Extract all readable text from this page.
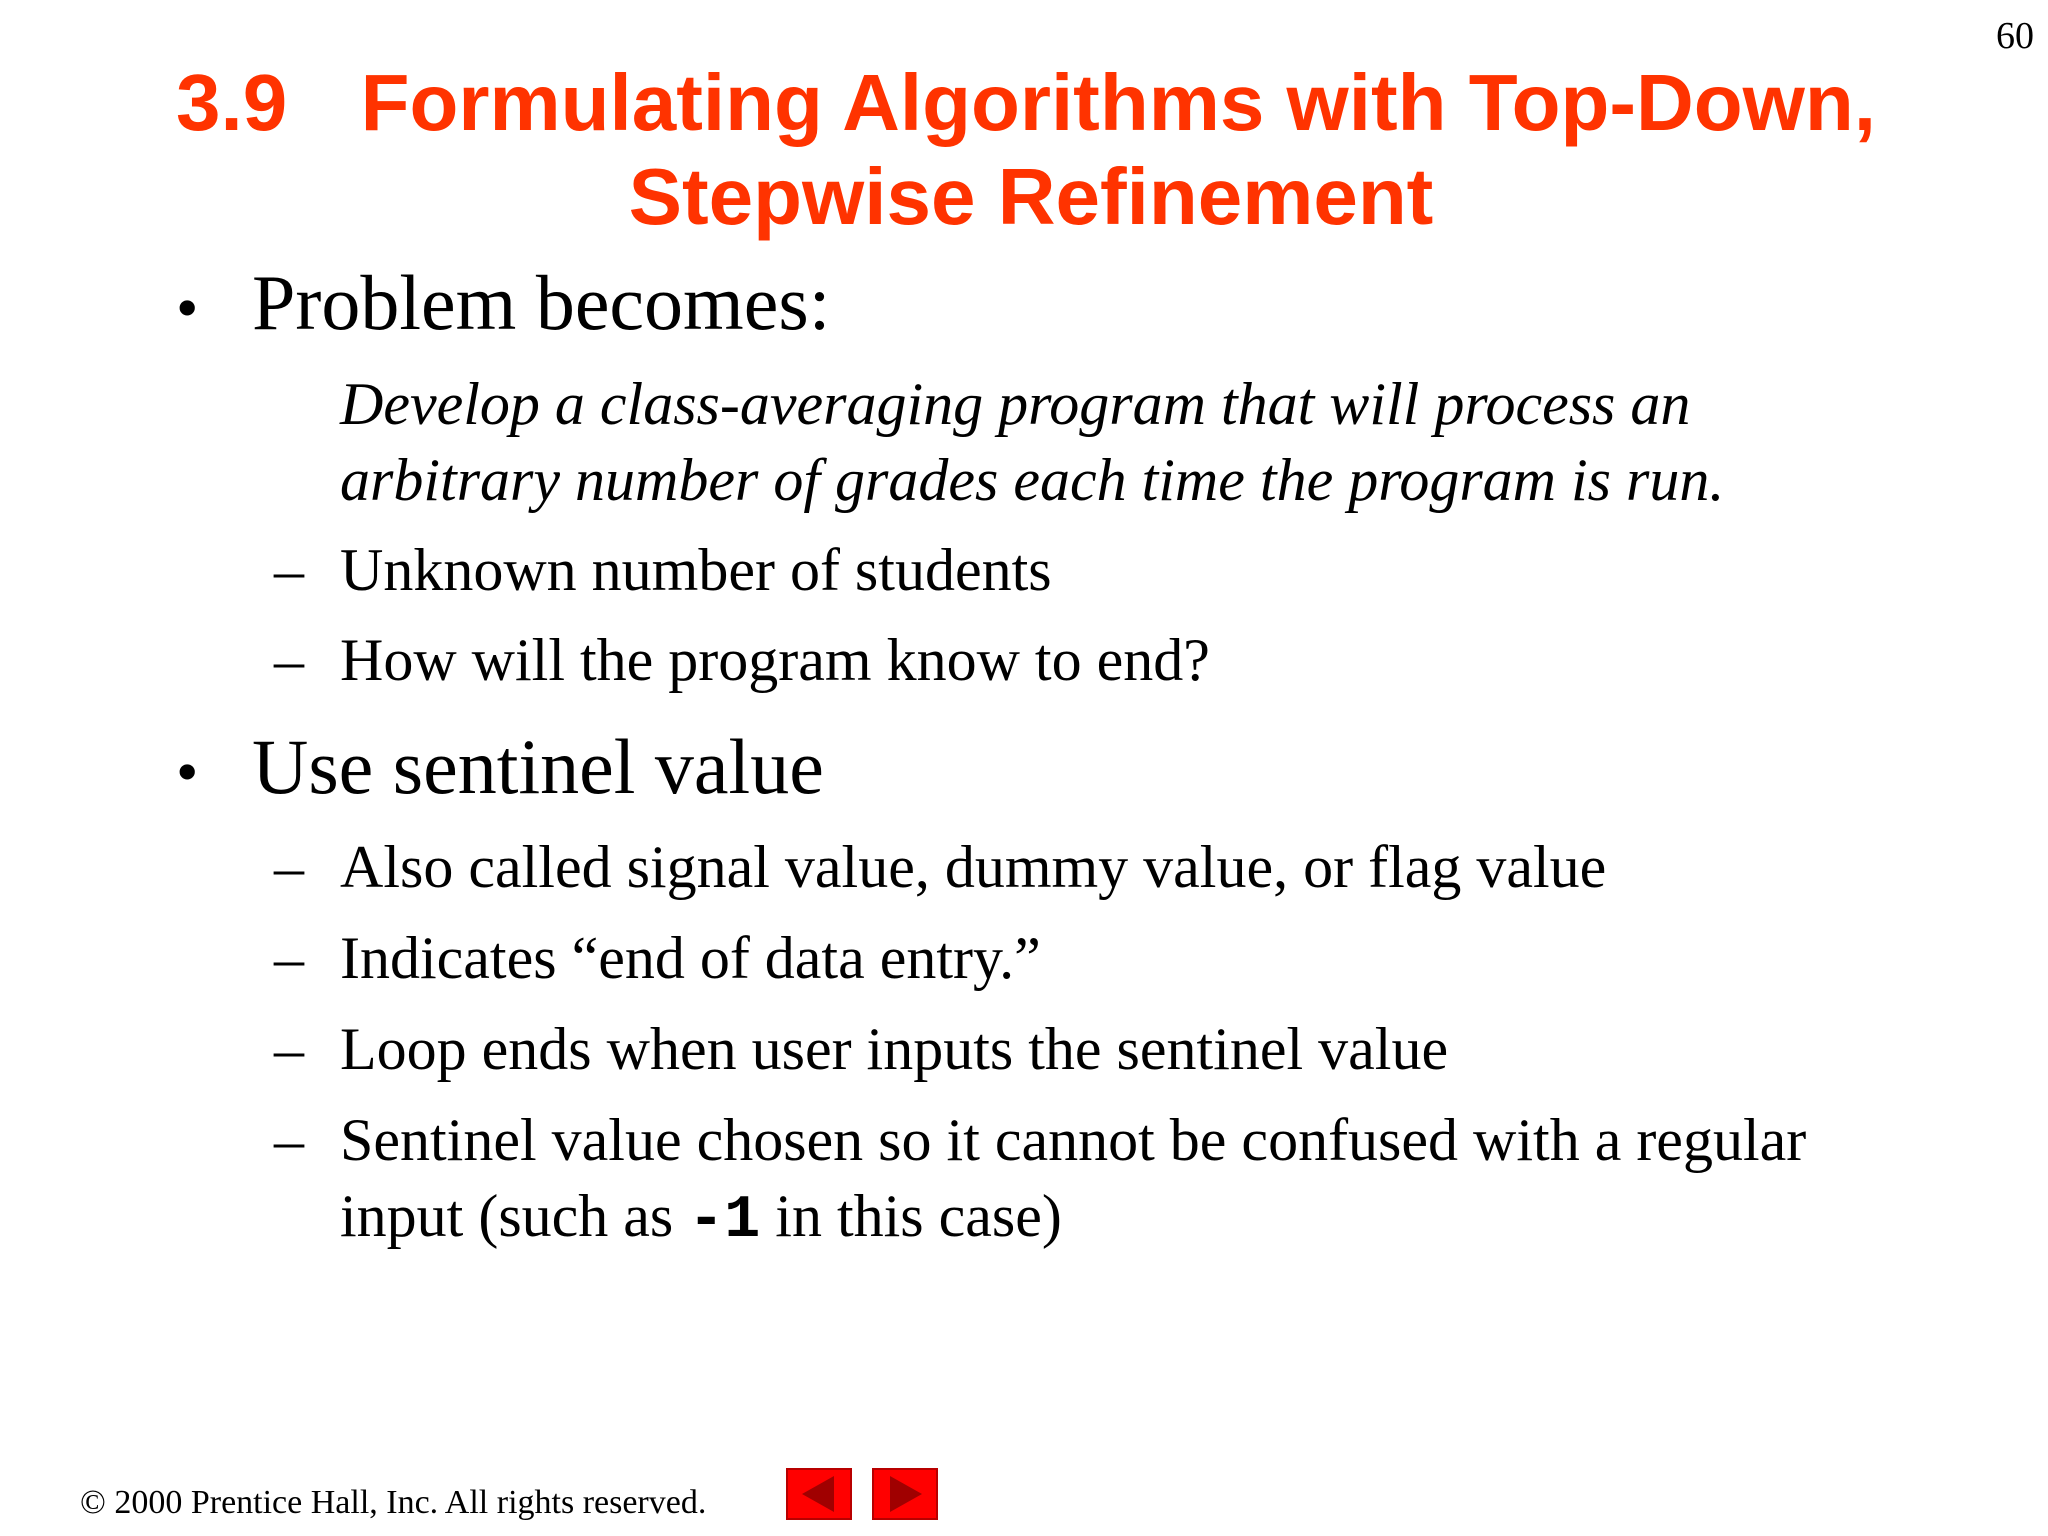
60
3.9 Formulating Algorithms with Top-Down,
Stepwise Refinement
• Problem becomes:
Develop a class-averaging program that will process an
arbitrary number of grades each time the program is run.
– Unknown number of students
– How will the program know to end?
• Use sentinel value
– Also called signal value, dummy value, or flag value
– Indicates “end of data entry.”
– Loop ends when user inputs the sentinel value
– Sentinel value chosen so it cannot be confused with a regular
input (such as -1 in this case)
© 2000 Prentice Hall, Inc. All rights reserved.
